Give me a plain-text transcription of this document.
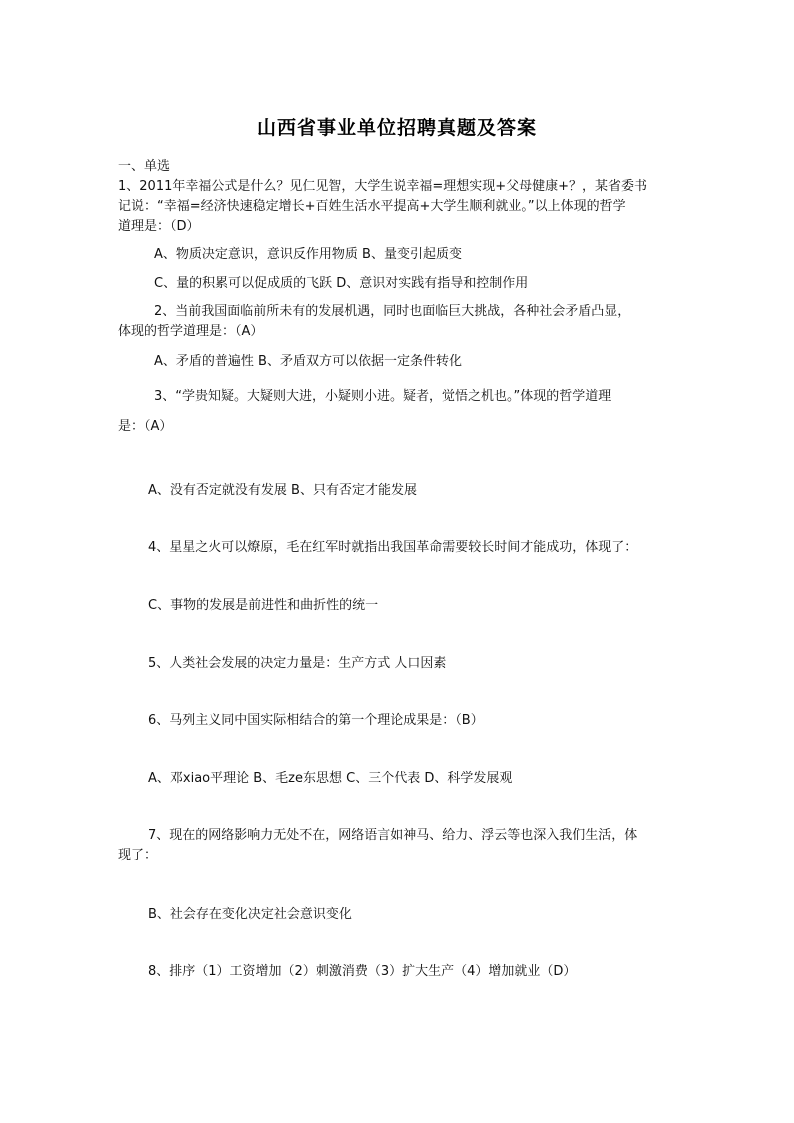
山西省事业单位招聘真题及答案
一、单选
1、2011年幸福公式是什么？见仁见智，大学生说幸福=理想实现+父母健康+？，某省委书
记说：“幸福=经济快速稳定增长+百姓生活水平提高+大学生顺利就业。”以上体现的哲学
道理是：（D）
A、物质决定意识，意识反作用物质 B、量变引起质变
C、量的积累可以促成质的飞跃 D、意识对实践有指导和控制作用
2、当前我国面临前所未有的发展机遇，同时也面临巨大挑战，各种社会矛盾凸显，
体现的哲学道理是：（A）
A、矛盾的普遍性 B、矛盾双方可以依据一定条件转化
3、“学贵知疑。大疑则大进，小疑则小进。疑者，觉悟之机也。”体现的哲学道理
是：（A）
A、没有否定就没有发展 B、只有否定才能发展
4、星星之火可以燎原，毛在红军时就指出我国革命需要较长时间才能成功，体现了：
C、事物的发展是前进性和曲折性的统一
5、人类社会发展的决定力量是：生产方式 人口因素
6、马列主义同中国实际相结合的第一个理论成果是：（B）
A、邓xiao平理论 B、毛ze东思想 C、三个代表 D、科学发展观
7、现在的网络影响力无处不在，网络语言如神马、给力、浮云等也深入我们生活，体
现了：
B、社会存在变化决定社会意识变化
8、排序（1）工资增加（2）刺激消费（3）扩大生产（4）增加就业（D）
